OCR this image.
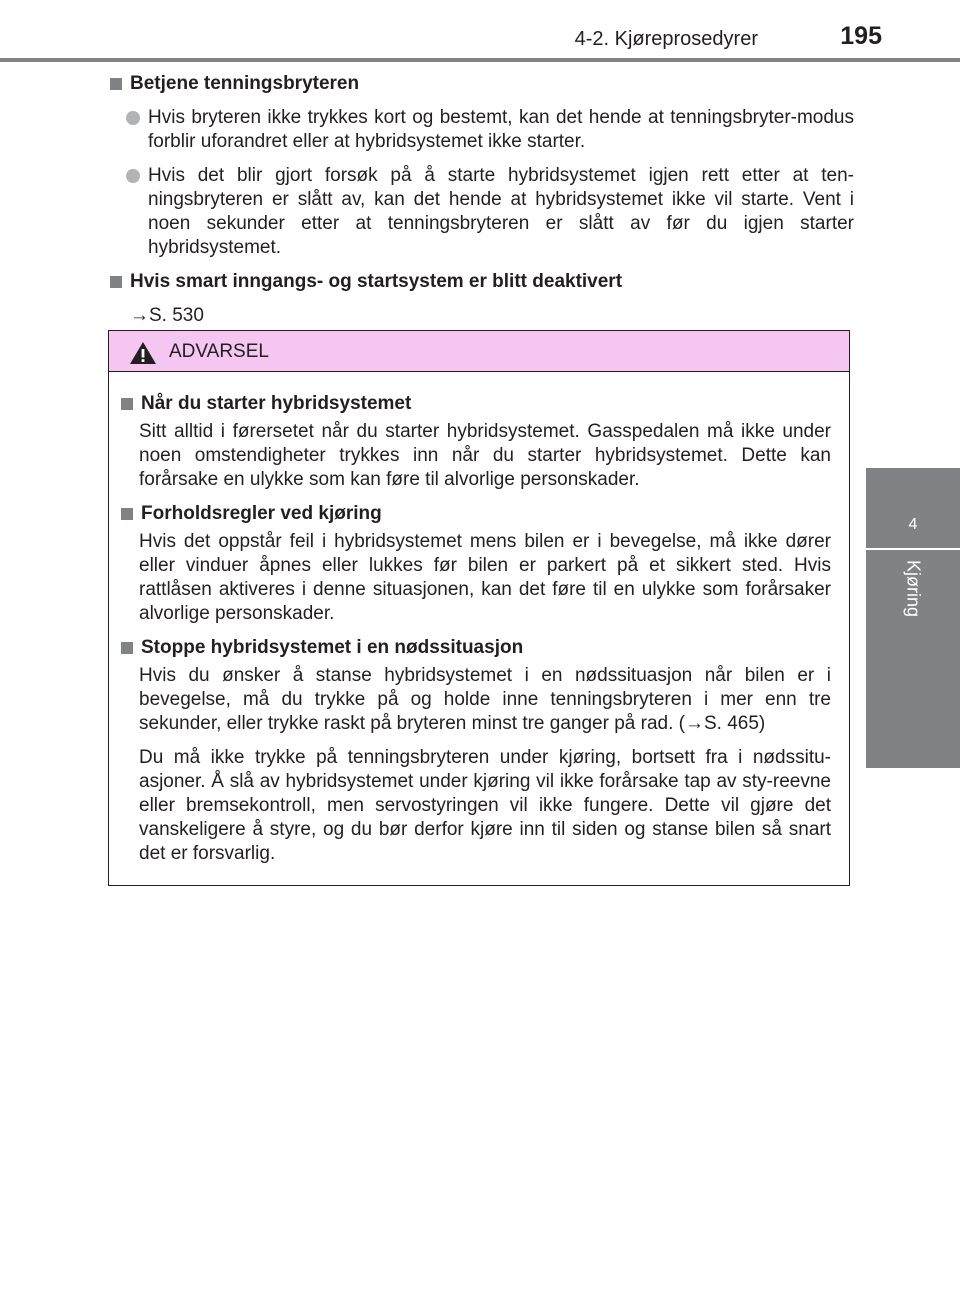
4-2. Kjøreprosedyrer	195
4
Kjøring
Betjene tenningsbryteren
Hvis bryteren ikke trykkes kort og bestemt, kan det hende at tenningsbryter-modus forblir uforandret eller at hybridsystemet ikke starter.
Hvis det blir gjort forsøk på å starte hybridsystemet igjen rett etter at ten-ningsbryteren er slått av, kan det hende at hybridsystemet ikke vil starte. Vent i noen sekunder etter at tenningsbryteren er slått av før du igjen starter hybridsystemet.
Hvis smart inngangs- og startsystem er blitt deaktivert
→S. 530
ADVARSEL
Når du starter hybridsystemet
Sitt alltid i førersetet når du starter hybridsystemet. Gasspedalen må ikke under noen omstendigheter trykkes inn når du starter hybridsystemet. Dette kan forårsake en ulykke som kan føre til alvorlige personskader.
Forholdsregler ved kjøring
Hvis det oppstår feil i hybridsystemet mens bilen er i bevegelse, må ikke dører eller vinduer åpnes eller lukkes før bilen er parkert på et sikkert sted. Hvis rattlåsen aktiveres i denne situasjonen, kan det føre til en ulykke som forårsaker alvorlige personskader.
Stoppe hybridsystemet i en nødssituasjon
Hvis du ønsker å stanse hybridsystemet i en nødssituasjon når bilen er i bevegelse, må du trykke på og holde inne tenningsbryteren i mer enn tre sekunder, eller trykke raskt på bryteren minst tre ganger på rad. (→S. 465)
Du må ikke trykke på tenningsbryteren under kjøring, bortsett fra i nødssitu-asjoner. Å slå av hybridsystemet under kjøring vil ikke forårsake tap av sty-reevne eller bremsekontroll, men servostyringen vil ikke fungere. Dette vil gjøre det vanskeligere å styre, og du bør derfor kjøre inn til siden og stanse bilen så snart det er forsvarlig.
